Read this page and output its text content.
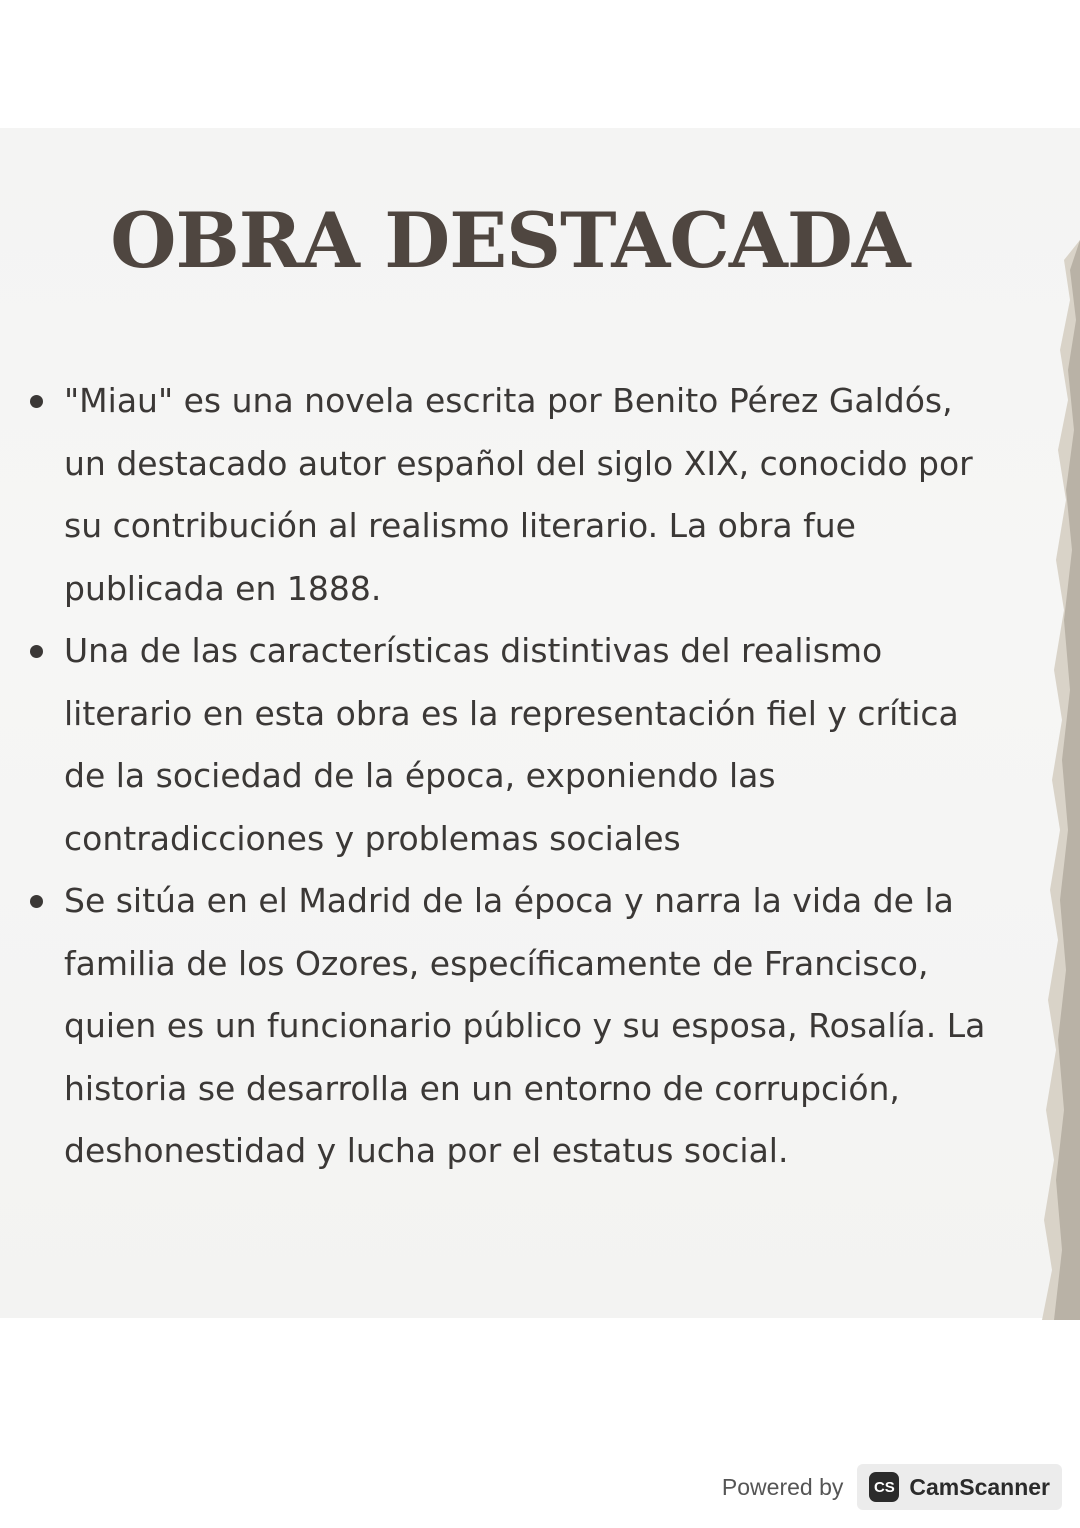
OBRA DESTACADA
"Miau" es una novela escrita por Benito Pérez Galdós, un destacado autor español del siglo XIX, conocido por su contribución al realismo literario. La obra fue publicada en 1888.
Una de las características distintivas del realismo literario en esta obra es la representación fiel y crítica de la sociedad de la época, exponiendo las contradicciones y problemas sociales
Se sitúa en el Madrid de la época y narra la vida de la familia de los Ozores, específicamente de Francisco, quien es un funcionario público y su esposa, Rosalía. La historia se desarrolla en un entorno de corrupción, deshonestidad y lucha por el estatus social.
Powered by	CS CamScanner
